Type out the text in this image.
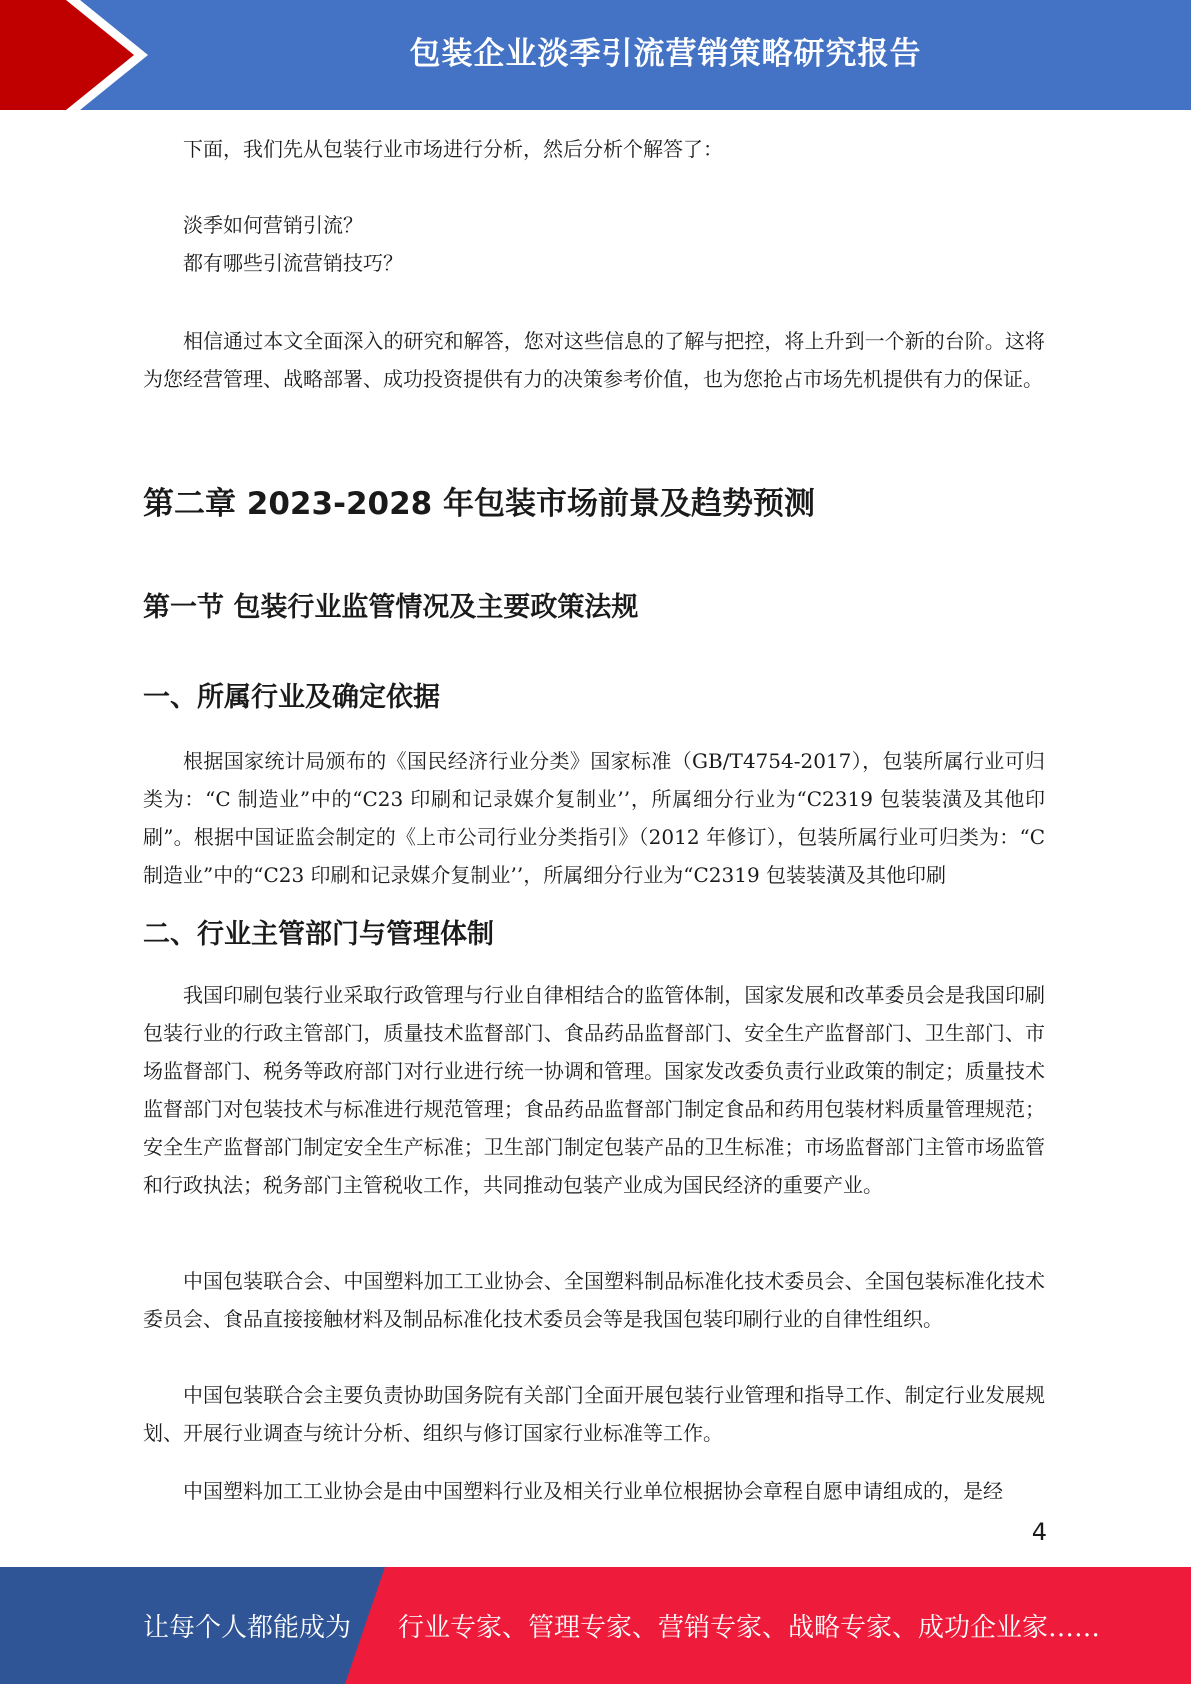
包装企业淡季引流营销策略研究报告

下面，我们先从包装行业市场进行分析，然后分析个解答了：

淡季如何营销引流？

都有哪些引流营销技巧？

相信通过本文全面深入的研究和解答，您对这些信息的了解与把控，将上升到一个新的台阶。这将为您经营管理、战略部署、成功投资提供有力的决策参考价值，也为您抢占市场先机提供有力的保证。

第二章 2023-2028 年包装市场前景及趋势预测
第一节 包装行业监管情况及主要政策法规
一、所属行业及确定依据

根据国家统计局颁布的《国民经济行业分类》国家标准（GB/T4754-2017），包装所属行业可归类为：“C 制造业”中的“C23 印刷和记录媒介复制业’’，所属细分行业为“C2319 包装装潢及其他印刷”。根据中国证监会制定的《上市公司行业分类指引》（2012 年修订），包装所属行业可归类为：“C 制造业”中的“C23 印刷和记录媒介复制业’’，所属细分行业为“C2319 包装装潢及其他印刷

二、行业主管部门与管理体制

我国印刷包装行业采取行政管理与行业自律相结合的监管体制，国家发展和改革委员会是我国印刷包装行业的行政主管部门，质量技术监督部门、食品药品监督部门、安全生产监督部门、卫生部门、市场监督部门、税务等政府部门对行业进行统一协调和管理。国家发改委负责行业政策的制定；质量技术监督部门对包装技术与标准进行规范管理；食品药品监督部门制定食品和药用包装材料质量管理规范；安全生产监督部门制定安全生产标准；卫生部门制定包装产品的卫生标准；市场监督部门主管市场监管和行政执法；税务部门主管税收工作，共同推动包装产业成为国民经济的重要产业。

中国包装联合会、中国塑料加工工业协会、全国塑料制品标准化技术委员会、全国包装标准化技术委员会、食品直接接触材料及制品标准化技术委员会等是我国包装印刷行业的自律性组织。

中国包装联合会主要负责协助国务院有关部门全面开展包装行业管理和指导工作、制定行业发展规划、开展行业调查与统计分析、组织与修订国家行业标准等工作。

中国塑料加工工业协会是由中国塑料行业及相关行业单位根据协会章程自愿申请组成的，是经

4
让每个人都能成为 行业专家、管理专家、营销专家、战略专家、成功企业家……
